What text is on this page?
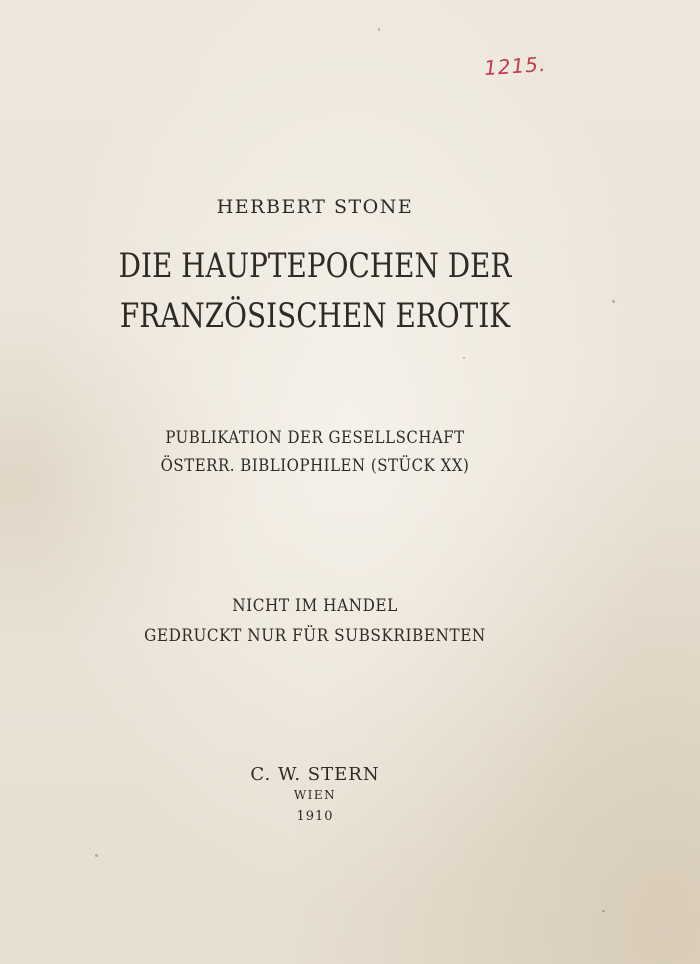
1215.
HERBERT STONE
DIE HAUPTEPOCHEN DER
FRANZÖSISCHEN EROTIK
PUBLIKATION DER GESELLSCHAFT
ÖSTERR. BIBLIOPHILEN (STÜCK XX)
NICHT IM HANDEL
GEDRUCKT NUR FÜR SUBSKRIBENTEN
C. W. STERN
WIEN
1910
